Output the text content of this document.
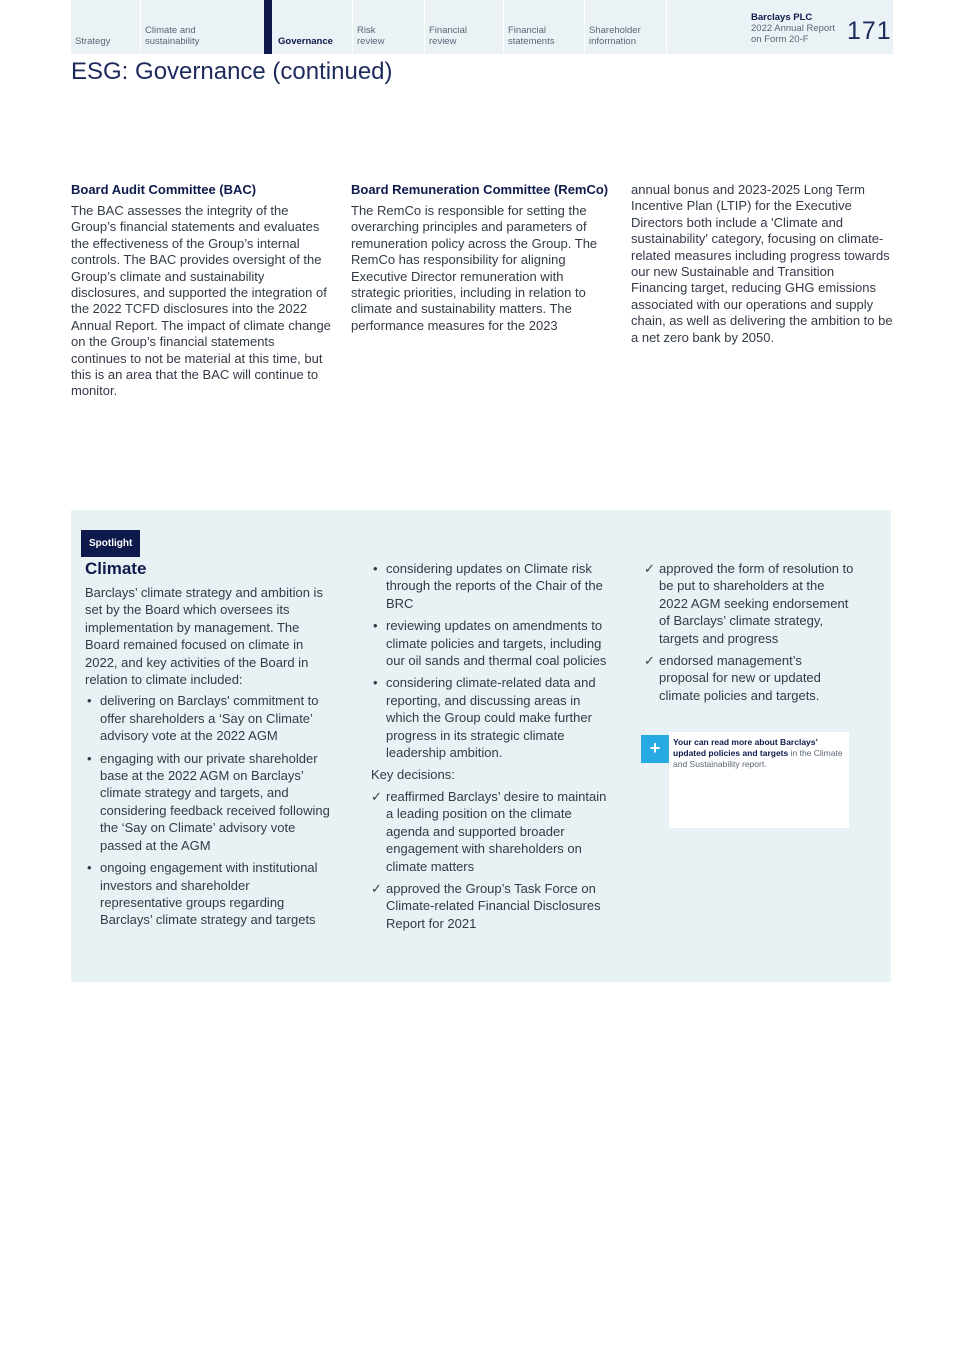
Strategy
Climate and sustainability	Governance
Risk review
Financial review
Financial statements
Shareholder information
Barclays PLC
2022 Annual Report
on Form 20-F	171
ESG: Governance (continued)
Board Audit Committee (BAC)

The BAC assesses the integrity of the Group’s financial statements and evaluates the effectiveness of the Group’s internal controls. The BAC provides oversight of the Group’s climate and sustainability disclosures, and supported the integration of the 2022 TCFD disclosures into the 2022 Annual Report. The impact of climate change on the Group’s financial statements continues to not be material at this time, but this is an area that the BAC will continue to monitor.

Board Remuneration Committee (RemCo)

The RemCo is responsible for setting the overarching principles and parameters of remuneration policy across the Group. The RemCo has responsibility for aligning Executive Director remuneration with strategic priorities, including in relation to climate and sustainability matters. The performance measures for the 2023

annual bonus and 2023-2025 Long Term Incentive Plan (LTIP) for the Executive Directors both include a 'Climate and sustainability' category, focusing on climate-related measures including progress towards our new Sustainable and Transition Financing target, reducing GHG emissions associated with our operations and supply chain, as well as delivering the ambition to be a net zero bank by 2050.

Spotlight
Climate

Barclays’ climate strategy and ambition is set by the Board which oversees its implementation by management. The Board remained focused on climate in 2022, and key activities of the Board in relation to climate included:

• delivering on Barclays' commitment to offer shareholders a ‘Say on Climate’ advisory vote at the 2022 AGM
• engaging with our private shareholder base at the 2022 AGM on Barclays’ climate strategy and targets, and considering feedback received following the ‘Say on Climate’ advisory vote passed at the AGM
• ongoing engagement with institutional investors and shareholder representative groups regarding Barclays’ climate strategy and targets
• considering updates on Climate risk through the reports of the Chair of the BRC
• reviewing updates on amendments to climate policies and targets, including our oil sands and thermal coal policies
• considering climate-related data and reporting, and discussing areas in which the Group could make further progress in its strategic climate leadership ambition.

Key decisions:

✓ reaffirmed Barclays’ desire to maintain a leading position on the climate agenda and supported broader engagement with shareholders on climate matters
✓ approved the Group’s Task Force on Climate-related Financial Disclosures Report for 2021
✓ approved the form of resolution to be put to shareholders at the 2022 AGM seeking endorsement of Barclays’ climate strategy, targets and progress
✓ endorsed management’s proposal for new or updated climate policies and targets.
+	Your can read more about Barclays’ updated policies and targets in the Climate and Sustainability report.
